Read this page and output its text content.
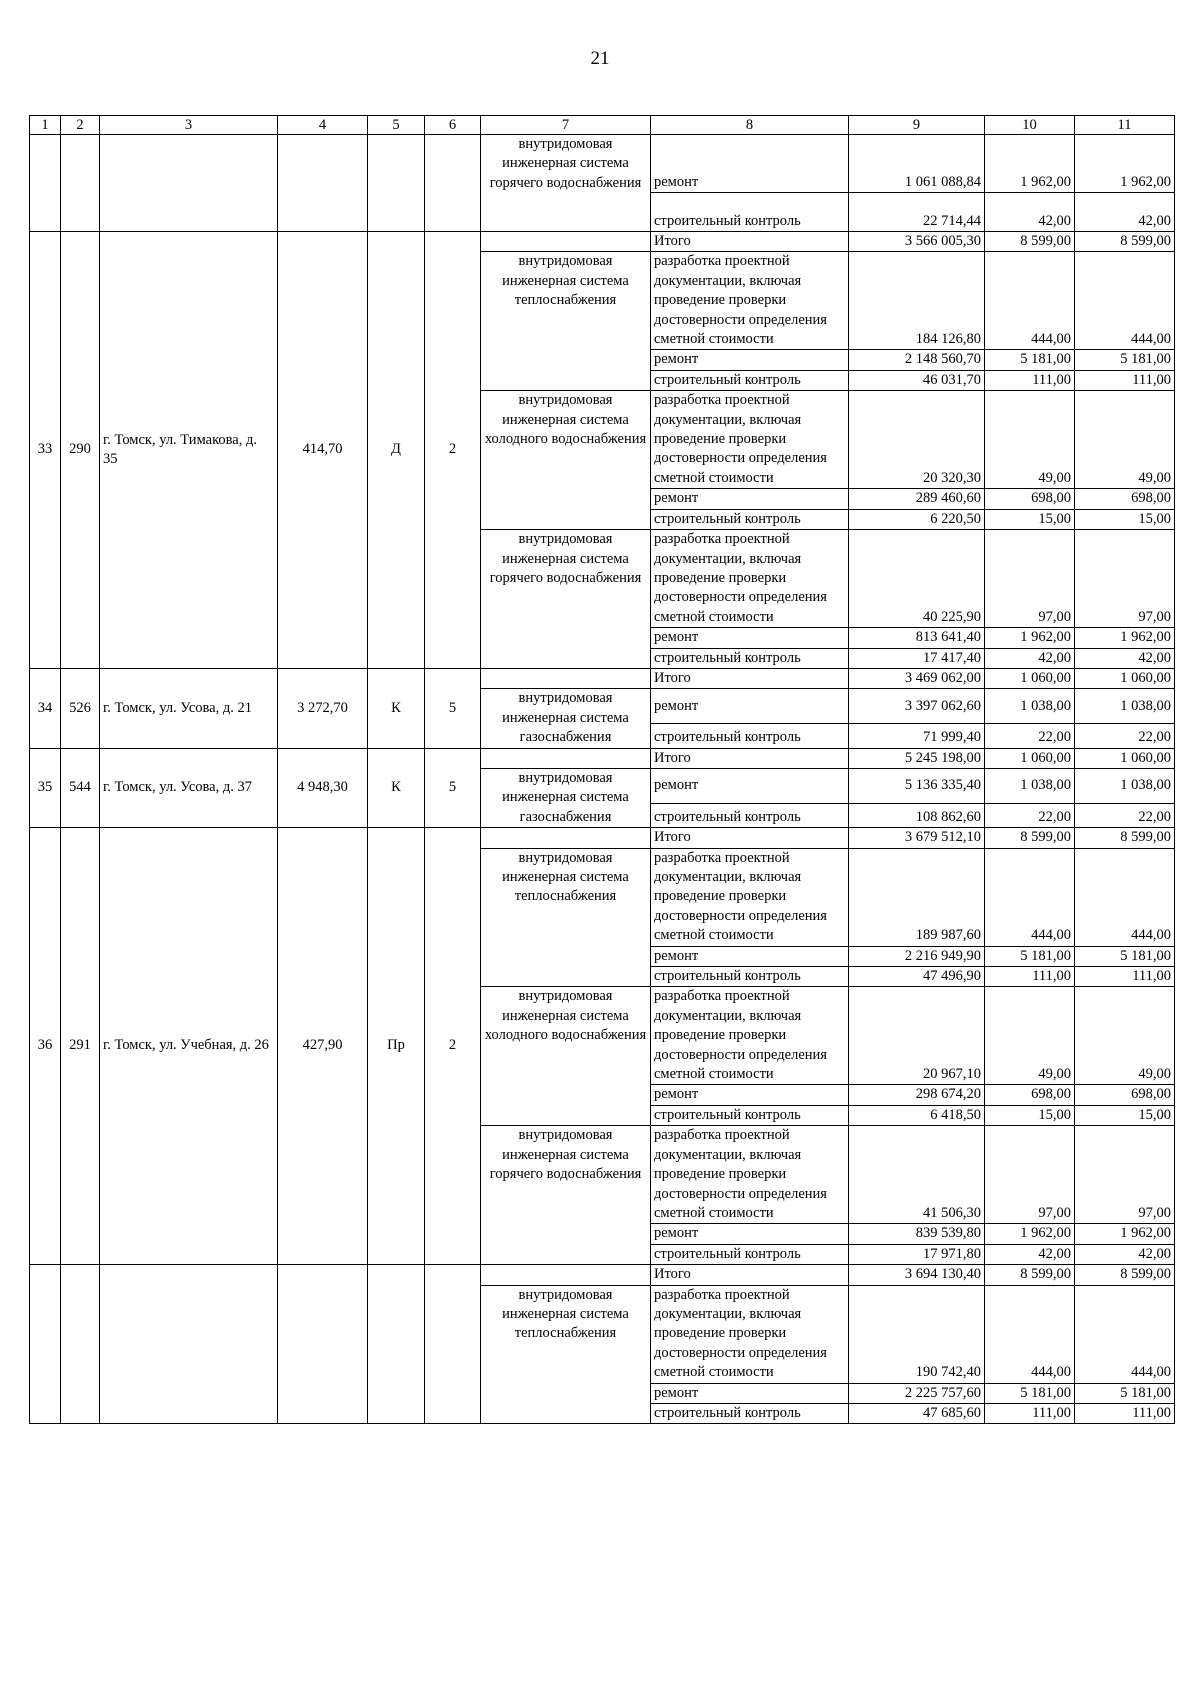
21
1	2	3	4	5	6	7	8	9	10	11
						внутридомовая инженерная система горячего водоснабжения	ремонт	1 061 088,84	1 962,00	1 962,00
							строительный контроль	22 714,44	42,00	42,00
33	290	г. Томск, ул. Тимакова, д. 35	414,70	Д	2		Итого	3 566 005,30	8 599,00	8 599,00
						внутридомовая инженерная система теплоснабжения	разработка проектной документации, включая проведение проверки достоверности определения сметной стоимости	184 126,80	444,00	444,00
							ремонт	2 148 560,70	5 181,00	5 181,00
							строительный контроль	46 031,70	111,00	111,00
						внутридомовая инженерная система холодного водоснабжения	разработка проектной документации, включая проведение проверки достоверности определения сметной стоимости	20 320,30	49,00	49,00
							ремонт	289 460,60	698,00	698,00
							строительный контроль	6 220,50	15,00	15,00
						внутридомовая инженерная система горячего водоснабжения	разработка проектной документации, включая проведение проверки достоверности определения сметной стоимости	40 225,90	97,00	97,00
							ремонт	813 641,40	1 962,00	1 962,00
							строительный контроль	17 417,40	42,00	42,00
34	526	г. Томск, ул. Усова, д. 21	3 272,70	К	5		Итого	3 469 062,00	1 060,00	1 060,00
						внутридомовая инженерная система газоснабжения	ремонт	3 397 062,60	1 038,00	1 038,00
							строительный контроль	71 999,40	22,00	22,00
35	544	г. Томск, ул. Усова, д. 37	4 948,30	К	5		Итого	5 245 198,00	1 060,00	1 060,00
						внутридомовая инженерная система газоснабжения	ремонт	5 136 335,40	1 038,00	1 038,00
							строительный контроль	108 862,60	22,00	22,00
36	291	г. Томск, ул. Учебная, д. 26	427,90	Пр	2		Итого	3 679 512,10	8 599,00	8 599,00
						внутридомовая инженерная система теплоснабжения	разработка проектной документации, включая проведение проверки достоверности определения сметной стоимости	189 987,60	444,00	444,00
							ремонт	2 216 949,90	5 181,00	5 181,00
							строительный контроль	47 496,90	111,00	111,00
						внутридомовая инженерная система холодного водоснабжения	разработка проектной документации, включая проведение проверки достоверности определения сметной стоимости	20 967,10	49,00	49,00
							ремонт	298 674,20	698,00	698,00
							строительный контроль	6 418,50	15,00	15,00
						внутридомовая инженерная система горячего водоснабжения	разработка проектной документации, включая проведение проверки достоверности определения сметной стоимости	41 506,30	97,00	97,00
							ремонт	839 539,80	1 962,00	1 962,00
							строительный контроль	17 971,80	42,00	42,00
							Итого	3 694 130,40	8 599,00	8 599,00
						внутридомовая инженерная система теплоснабжения	разработка проектной документации, включая проведение проверки достоверности определения сметной стоимости	190 742,40	444,00	444,00
							ремонт	2 225 757,60	5 181,00	5 181,00
							строительный контроль	47 685,60	111,00	111,00
